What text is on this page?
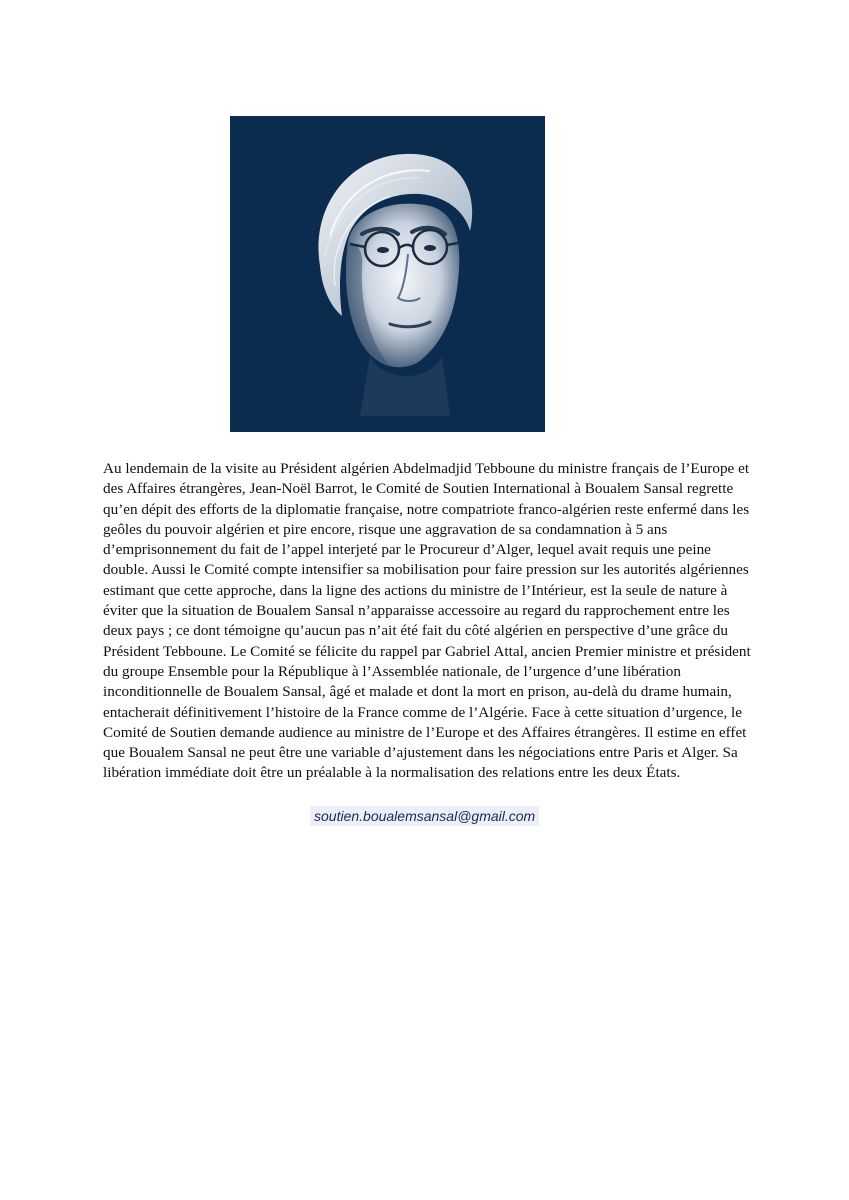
Au lendemain de la visite au Président algérien Abdelmadjid Tebboune du ministre français de l’Europe et des Affaires étrangères, Jean-Noël Barrot, le Comité de Soutien International à Boualem Sansal regrette qu’en dépit des efforts de la diplomatie française, notre compatriote franco-algérien reste enfermé dans les geôles du pouvoir algérien et pire encore, risque une aggravation de sa condamnation à 5 ans d’emprisonnement du fait de l’appel interjeté par le Procureur d’Alger, lequel avait requis une peine double. Aussi le Comité compte intensifier sa mobilisation pour faire pression sur les autorités algériennes estimant que cette approche, dans la ligne des actions du ministre de l’Intérieur, est la seule de nature à éviter que la situation de Boualem Sansal n’apparaisse accessoire au regard du rapprochement entre les deux pays ; ce dont témoigne qu’aucun pas n’ait été fait du côté algérien en perspective d’une grâce du Président Tebboune. Le Comité se félicite du rappel par Gabriel Attal, ancien Premier ministre et président du groupe Ensemble pour la République à l’Assemblée nationale, de l’urgence d’une libération inconditionnelle de Boualem Sansal, âgé et malade et dont la mort en prison, au-delà du drame humain, entacherait définitivement l’histoire de la France comme de l’Algérie. Face à cette situation d’urgence, le Comité de Soutien demande audience au ministre de l’Europe et des Affaires étrangères. Il estime en effet que Boualem Sansal ne peut être une variable d’ajustement dans les négociations entre Paris et Alger. Sa libération immédiate doit être un préalable à la normalisation des relations entre les deux États.

soutien.boualemsansal@gmail.com
